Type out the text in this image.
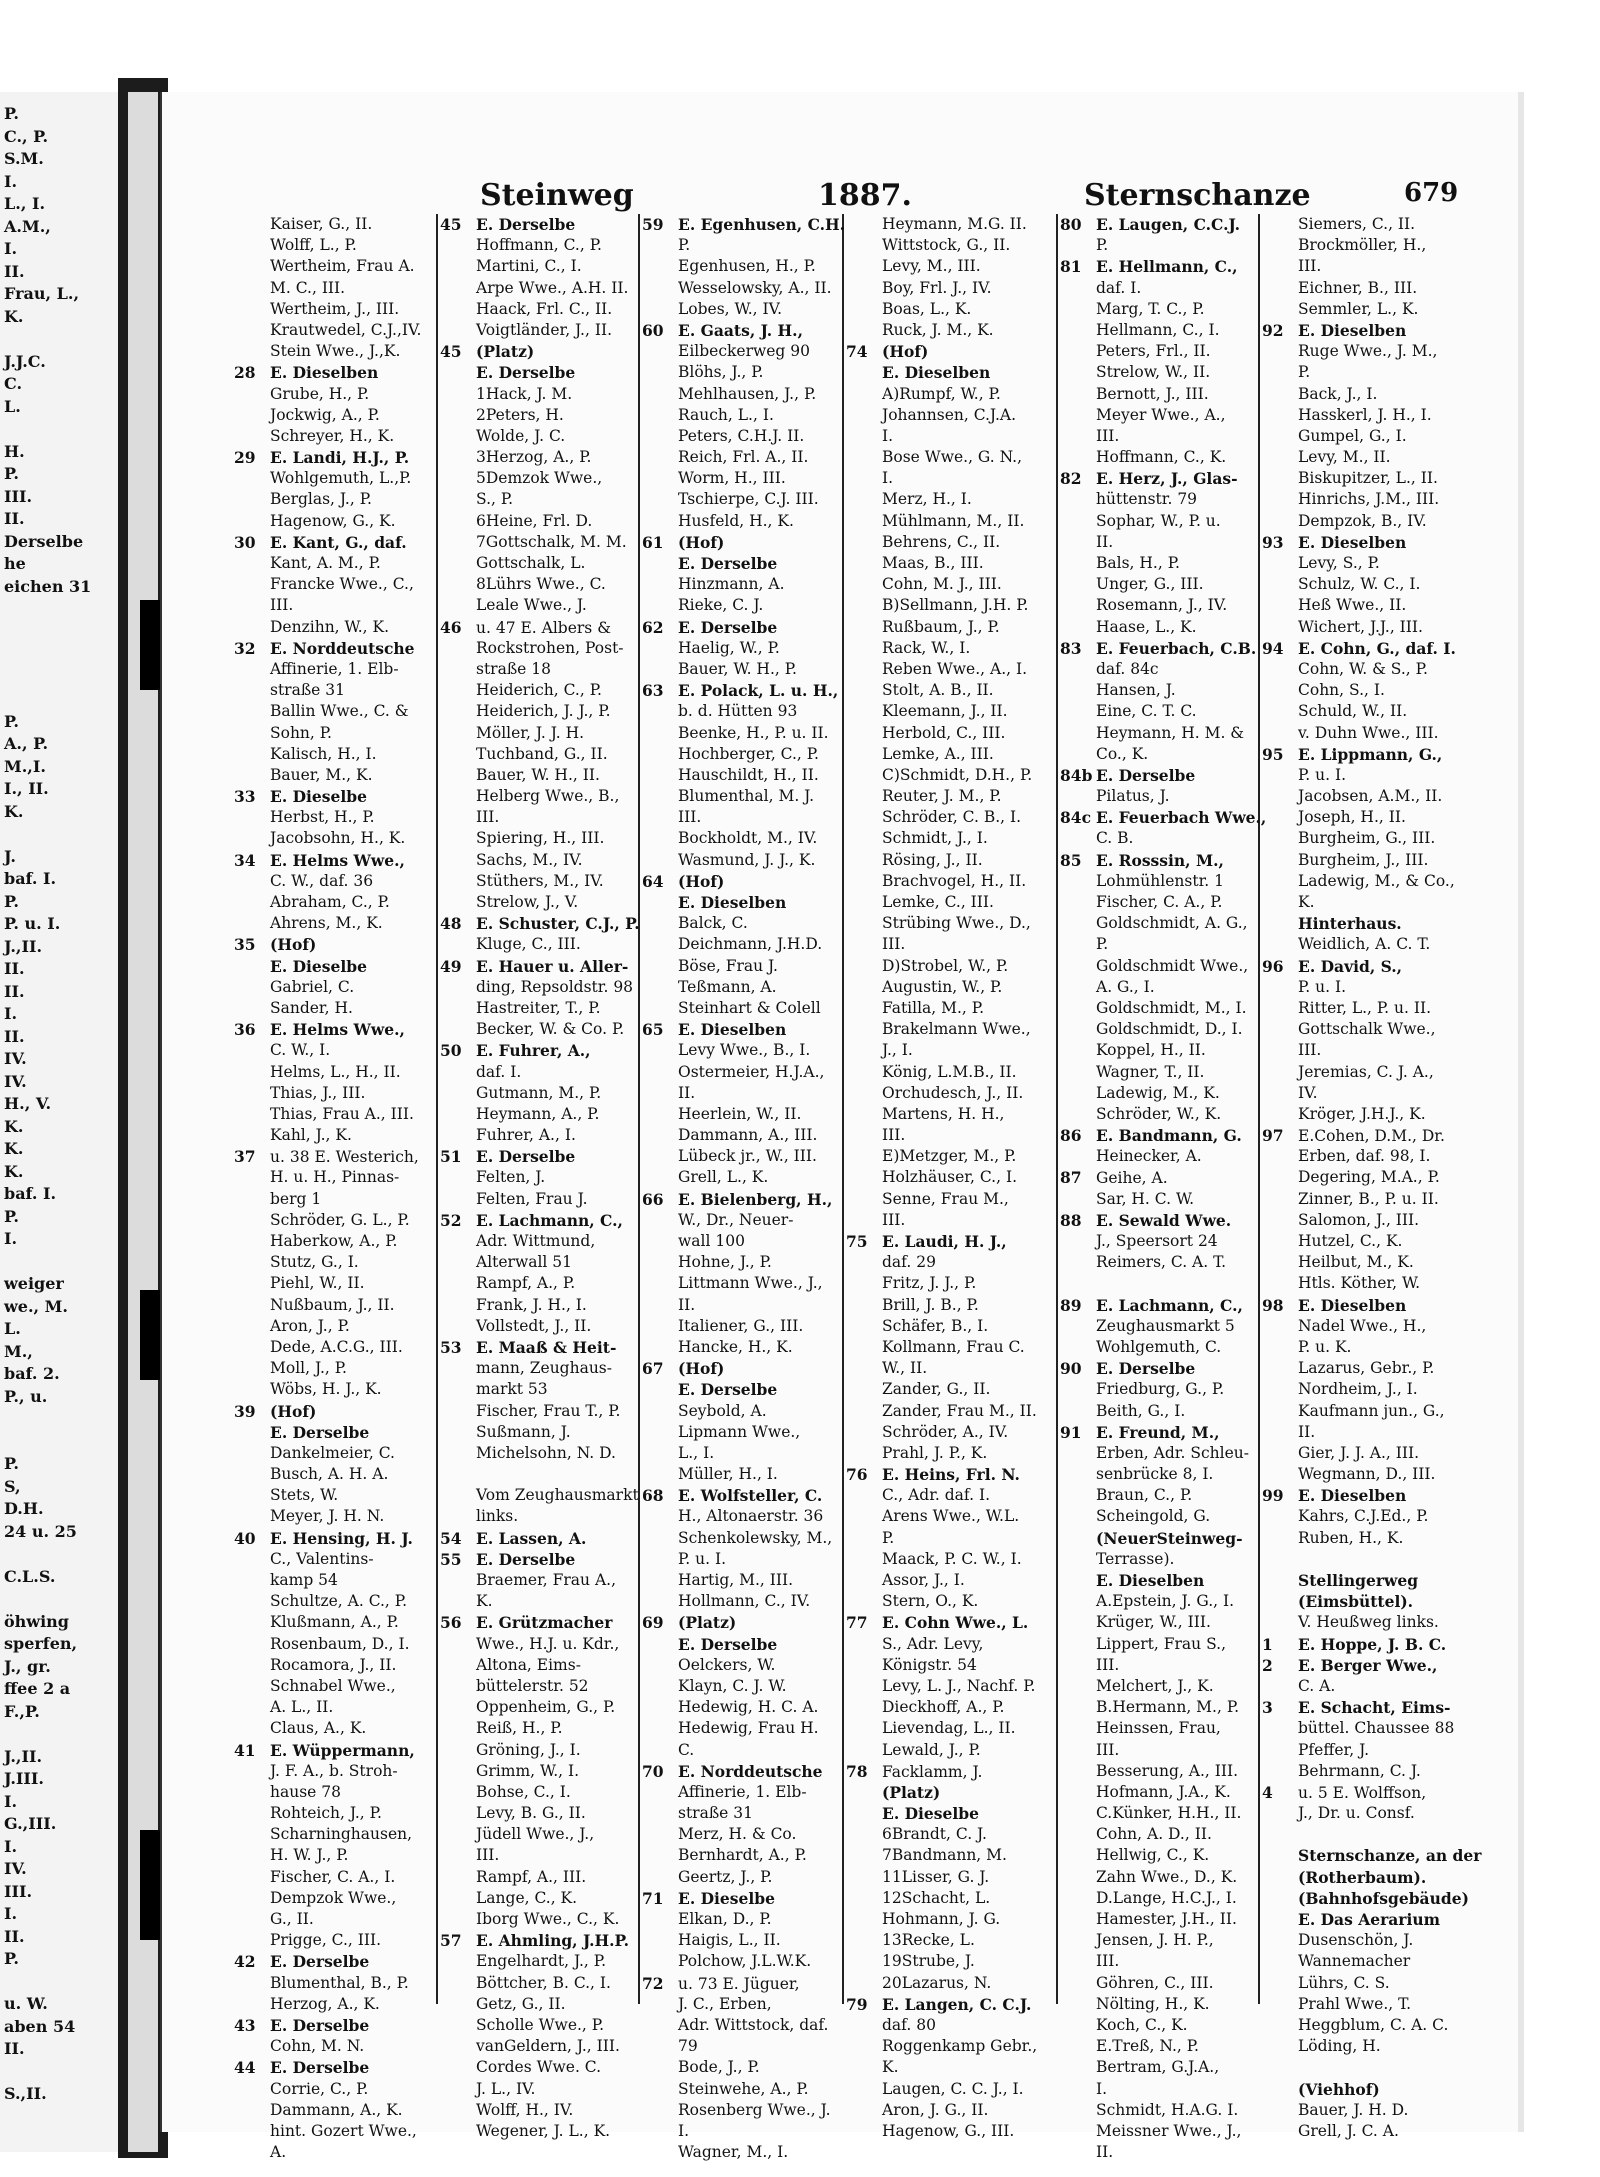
P.
C., P.
S.M.
I.
L., I.
A.M.,
I.
II.
Frau, L.,
K.
J.J.C.
C.
L.
H.
P.
III.
II.
Derselbe
he
eichen 31
P.
A., P.
M.,I.
I., II.
K.
J.
baf. I.
P.
P. u. I.
J.,II.
II.
II.
I.
II.
IV.
IV.
H., V.
K.
K.
K.
baf. I.
P.
I.
weiger
we., M.
L.
M.,
baf. 2.
P., u.
P.
S,
D.H.
24 u. 25
C.L.S.
öhwing
sperfen,
J., gr.
ffee 2 a
F.,P.
J.,II.
J.III.
I.
G.,III.
I.
IV.
III.
I.
II.
P.
u. W.
aben 54
II.
S.,II.
Steinweg	1887.	Sternschanze	679
Kaiser, G., II.
Wolff, L., P.
Wertheim, Frau A.
M. C., III.
Wertheim, J., III.
Krautwedel, C.J.,IV.
Stein Wwe., J.,K.
28 E. Dieselben
Grube, H., P.
Jockwig, A., P.
Schreyer, H., K.
29 E. Landi, H.J., P.
Wohlgemuth, L.,P.
Berglas, J., P.
Hagenow, G., K.
30 E. Kant, G., daf.
Kant, A. M., P.
Francke Wwe., C.,
III.
Denzihn, W., K.
32 E. Norddeutsche
Affinerie, 1. Elb-
straße 31
Ballin Wwe., C. &
Sohn, P.
Kalisch, H., I.
Bauer, M., K.
33 E. Dieselbe
Herbst, H., P.
Jacobsohn, H., K.
34 E. Helms Wwe.,
C. W., daf. 36
Abraham, C., P.
Ahrens, M., K.
35 (Hof)
E. Dieselbe
Gabriel, C.
Sander, H.
36 E. Helms Wwe.,
C. W., I.
Helms, L., H., II.
Thias, J., III.
Thias, Frau A., III.
Kahl, J., K.
37 u. 38 E. Westerich,
H. u. H., Pinnas-
berg 1
Schröder, G. L., P.
Haberkow, A., P.
Stutz, G., I.
Piehl, W., II.
Nußbaum, J., II.
Aron, J., P.
Dede, A.C.G., III.
Moll, J., P.
Wöbs, H. J., K.
39 (Hof)
E. Derselbe
Dankelmeier, C.
Busch, A. H. A.
Stets, W.
Meyer, J. H. N.
40 E. Hensing, H. J.
C., Valentins-
kamp 54
Schultze, A. C., P.
Klußmann, A., P.
Rosenbaum, D., I.
Rocamora, J., II.
Schnabel Wwe.,
A. L., II.
Claus, A., K.
41 E. Wüppermann,
J. F. A., b. Stroh-
hause 78
Rohteich, J., P.
Scharninghausen,
H. W. J., P.
Fischer, C. A., I.
Dempzok Wwe.,
G., II.
Prigge, C., III.
42 E. Derselbe
Blumenthal, B., P.
Herzog, A., K.
43 E. Derselbe
Cohn, M. N.
44 E. Derselbe
Corrie, C., P.
Dammann, A., K.
hint. Gozert Wwe.,
A.
45 E. Derselbe
Hoffmann, C., P.
Martini, C., I.
Arpe Wwe., A.H. II.
Haack, Frl. C., II.
Voigtländer, J., II.
45 (Platz)
E. Derselbe
1Hack, J. M.
2Peters, H.
Wolde, J. C.
3Herzog, A., P.
5Demzok Wwe.,
S., P.
6Heine, Frl. D.
7Gottschalk, M. M.
Gottschalk, L.
8Lührs Wwe., C.
Leale Wwe., J.
46 u. 47 E. Albers &
Rockstrohen, Post-
straße 18
Heiderich, C., P.
Heiderich, J. J., P.
Möller, J. J. H.
Tuchband, G., II.
Bauer, W. H., II.
Helberg Wwe., B.,
III.
Spiering, H., III.
Sachs, M., IV.
Stüthers, M., IV.
Strelow, J., V.
48 E. Schuster, C.J., P.
Kluge, C., III.
49 E. Hauer u. Aller-
ding, Repsoldstr. 98
Hastreiter, T., P.
Becker, W. & Co. P.
50 E. Fuhrer, A.,
daf. I.
Gutmann, M., P.
Heymann, A., P.
Fuhrer, A., I.
51 E. Derselbe
Felten, J.
Felten, Frau J.
52 E. Lachmann, C.,
Adr. Wittmund,
Alterwall 51
Rampf, A., P.
Frank, J. H., I.
Vollstedt, J., II.
53 E. Maaß & Heit-
mann, Zeughaus-
markt 53
Fischer, Frau T., P.
Sußmann, J.
Michelsohn, N. D.
Vom Zeughausmarkt
links.
54 E. Lassen, A.
55 E. Derselbe
Braemer, Frau A.,
K.
56 E. Grützmacher
Wwe., H.J. u. Kdr.,
Altona, Eims-
büttelerstr. 52
Oppenheim, G., P.
Reiß, H., P.
Gröning, J., I.
Grimm, W., I.
Bohse, C., I.
Levy, B. G., II.
Jüdell Wwe., J.,
III.
Rampf, A., III.
Lange, C., K.
Iborg Wwe., C., K.
57 E. Ahmling, J.H.P.
Engelhardt, J., P.
Böttcher, B. C., I.
Getz, G., II.
Scholle Wwe., P.
vanGeldern, J., III.
Cordes Wwe. C.
J. L., IV.
Wolff, H., IV.
Wegener, J. L., K.
59 E. Egenhusen, C.H.
P.
Egenhusen, H., P.
Wesselowsky, A., II.
Lobes, W., IV.
60 E. Gaats, J. H.,
Eilbeckerweg 90
Blöhs, J., P.
Mehlhausen, J., P.
Rauch, L., I.
Peters, C.H.J. II.
Reich, Frl. A., II.
Worm, H., III.
Tschierpe, C.J. III.
Husfeld, H., K.
61 (Hof)
E. Derselbe
Hinzmann, A.
Rieke, C. J.
62 E. Derselbe
Haelig, W., P.
Bauer, W. H., P.
63 E. Polack, L. u. H.,
b. d. Hütten 93
Beenke, H., P. u. II.
Hochberger, C., P.
Hauschildt, H., II.
Blumenthal, M. J.
III.
Bockholdt, M., IV.
Wasmund, J. J., K.
64 (Hof)
E. Dieselben
Balck, C.
Deichmann, J.H.D.
Böse, Frau J.
Teßmann, A.
Steinhart & Colell
65 E. Dieselben
Levy Wwe., B., I.
Ostermeier, H.J.A.,
II.
Heerlein, W., II.
Dammann, A., III.
Lübeck jr., W., III.
Grell, L., K.
66 E. Bielenberg, H.,
W., Dr., Neuer-
wall 100
Hohne, J., P.
Littmann Wwe., J.,
II.
Italiener, G., III.
Hancke, H., K.
67 (Hof)
E. Derselbe
Seybold, A.
Lipmann Wwe.,
L., I.
Müller, H., I.
68 E. Wolfsteller, C.
H., Altonaerstr. 36
Schenkolewsky, M.,
P. u. I.
Hartig, M., III.
Hollmann, C., IV.
69 (Platz)
E. Derselbe
Oelckers, W.
Klayn, C. J. W.
Hedewig, H. C. A.
Hedewig, Frau H.
C.
70 E. Norddeutsche
Affinerie, 1. Elb-
straße 31
Merz, H. & Co.
Bernhardt, A., P.
Geertz, J., P.
71 E. Dieselbe
Elkan, D., P.
Haigis, L., II.
Polchow, J.L.W.K.
72 u. 73 E. Jüguer,
J. C., Erben,
Adr. Wittstock, daf.
79
Bode, J., P.
Steinwehe, A., P.
Rosenberg Wwe., J.
I.
Wagner, M., I.
Heymann, M.G. II.
Wittstock, G., II.
Levy, M., III.
Boy, Frl. J., IV.
Boas, L., K.
Ruck, J. M., K.
74 (Hof)
E. Dieselben
A)Rumpf, W., P.
Johannsen, C.J.A.
I.
Bose Wwe., G. N.,
I.
Merz, H., I.
Mühlmann, M., II.
Behrens, C., II.
Maas, B., III.
Cohn, M. J., III.
B)Sellmann, J.H. P.
Rußbaum, J., P.
Rack, W., I.
Reben Wwe., A., I.
Stolt, A. B., II.
Kleemann, J., II.
Herbold, C., III.
Lemke, A., III.
C)Schmidt, D.H., P.
Reuter, J. M., P.
Schröder, C. B., I.
Schmidt, J., I.
Rösing, J., II.
Brachvogel, H., II.
Lemke, C., III.
Strübing Wwe., D.,
III.
D)Strobel, W., P.
Augustin, W., P.
Fatilla, M., P.
Brakelmann Wwe.,
J., I.
König, L.M.B., II.
Orchudesch, J., II.
Martens, H. H.,
III.
E)Metzger, M., P.
Holzhäuser, C., I.
Senne, Frau M.,
III.
75 E. Laudi, H. J.,
daf. 29
Fritz, J. J., P.
Brill, J. B., P.
Schäfer, B., I.
Kollmann, Frau C.
W., II.
Zander, G., II.
Zander, Frau M., II.
Schröder, A., IV.
Prahl, J. P., K.
76 E. Heins, Frl. N.
C., Adr. daf. I.
Arens Wwe., W.L.
P.
Maack, P. C. W., I.
Assor, J., I.
Stern, O., K.
77 E. Cohn Wwe., L.
S., Adr. Levy,
Königstr. 54
Levy, L. J., Nachf. P.
Dieckhoff, A., P.
Lievendag, L., II.
Lewald, J., P.
78 Facklamm, J.
(Platz)
E. Dieselbe
6Brandt, C. J.
7Bandmann, M.
11Lisser, G. J.
12Schacht, L.
Hohmann, J. G.
13Recke, L.
19Strube, J.
20Lazarus, N.
79 E. Langen, C. C.J.
daf. 80
Roggenkamp Gebr.,
K.
Laugen, C. C. J., I.
Aron, J. G., II.
Hagenow, G., III.
80 E. Laugen, C.C.J.
P.
81 E. Hellmann, C.,
daf. I.
Marg, T. C., P.
Hellmann, C., I.
Peters, Frl., II.
Strelow, W., II.
Bernott, J., III.
Meyer Wwe., A.,
III.
Hoffmann, C., K.
82 E. Herz, J., Glas-
hüttenstr. 79
Sophar, W., P. u.
II.
Bals, H., P.
Unger, G., III.
Rosemann, J., IV.
Haase, L., K.
83 E. Feuerbach, C.B.
daf. 84c
Hansen, J.
Eine, C. T. C.
Heymann, H. M. &
Co., K.
84b E. Derselbe
Pilatus, J.
84c E. Feuerbach Wwe.,
C. B.
85 E. Rosssin, M.,
Lohmühlenstr. 1
Fischer, C. A., P.
Goldschmidt, A. G.,
P.
Goldschmidt Wwe.,
A. G., I.
Goldschmidt, M., I.
Goldschmidt, D., I.
Koppel, H., II.
Wagner, T., II.
Ladewig, M., K.
Schröder, W., K.
86 E. Bandmann, G.
Heinecker, A.
87 Geihe, A.
Sar, H. C. W.
88 E. Sewald Wwe.
J., Speersort 24
Reimers, C. A. T.
89 E. Lachmann, C.,
Zeughausmarkt 5
Wohlgemuth, C.
90 E. Derselbe
Friedburg, G., P.
Beith, G., I.
91 E. Freund, M.,
Erben, Adr. Schleu-
senbrücke 8, I.
Braun, C., P.
Scheingold, G.
(NeuerSteinweg-
Terrasse).
E. Dieselben
A.Epstein, J. G., I.
Krüger, W., III.
Lippert, Frau S.,
III.
Melchert, J., K.
B.Hermann, M., P.
Heinssen, Frau,
III.
Besserung, A., III.
Hofmann, J.A., K.
C.Künker, H.H., II.
Cohn, A. D., II.
Hellwig, C., K.
Zahn Wwe., D., K.
D.Lange, H.C.J., I.
Hamester, J.H., II.
Jensen, J. H. P.,
III.
Göhren, C., III.
Nölting, H., K.
Koch, C., K.
E.Treß, N., P.
Bertram, G.J.A.,
I.
Schmidt, H.A.G. I.
Meissner Wwe., J.,
II.
Siemers, C., II.
Brockmöller, H.,
III.
Eichner, B., III.
Semmler, L., K.
92 E. Dieselben
Ruge Wwe., J. M.,
P.
Back, J., I.
Hasskerl, J. H., I.
Gumpel, G., I.
Levy, M., II.
Biskupitzer, L., II.
Hinrichs, J.M., III.
Dempzok, B., IV.
93 E. Dieselben
Levy, S., P.
Schulz, W. C., I.
Heß Wwe., II.
Wichert, J.J., III.
94 E. Cohn, G., daf. I.
Cohn, W. & S., P.
Cohn, S., I.
Schuld, W., II.
v. Duhn Wwe., III.
95 E. Lippmann, G.,
P. u. I.
Jacobsen, A.M., II.
Joseph, H., II.
Burgheim, G., III.
Burgheim, J., III.
Ladewig, M., & Co.,
K.
Hinterhaus.
Weidlich, A. C. T.
96 E. David, S.,
P. u. I.
Ritter, L., P. u. II.
Gottschalk Wwe.,
III.
Jeremias, C. J. A.,
IV.
Kröger, J.H.J., K.
97 E.Cohen, D.M., Dr.
Erben, daf. 98, I.
Degering, M.A., P.
Zinner, B., P. u. II.
Salomon, J., III.
Hutzel, C., K.
Heilbut, M., K.
Htls. Köther, W.
98 E. Dieselben
Nadel Wwe., H.,
P. u. K.
Lazarus, Gebr., P.
Nordheim, J., I.
Kaufmann jun., G.,
II.
Gier, J. J. A., III.
Wegmann, D., III.
99 E. Dieselben
Kahrs, C.J.Ed., P.
Ruben, H., K.
Stellingerweg
(Eimsbüttel).
V. Heußweg links.
1 E. Hoppe, J. B. C.
2 E. Berger Wwe.,
C. A.
3 E. Schacht, Eims-
büttel. Chaussee 88
Pfeffer, J.
Behrmann, C. J.
4 u. 5 E. Wolffson,
J., Dr. u. Consf.
Sternschanze, an der
(Rotherbaum).
(Bahnhofsgebäude)
E. Das Aerarium
Dusenschön, J.
Wannemacher
Lührs, C. S.
Prahl Wwe., T.
Heggblum, C. A. C.
Löding, H.
(Viehhof)
Bauer, J. H. D.
Grell, J. C. A.
